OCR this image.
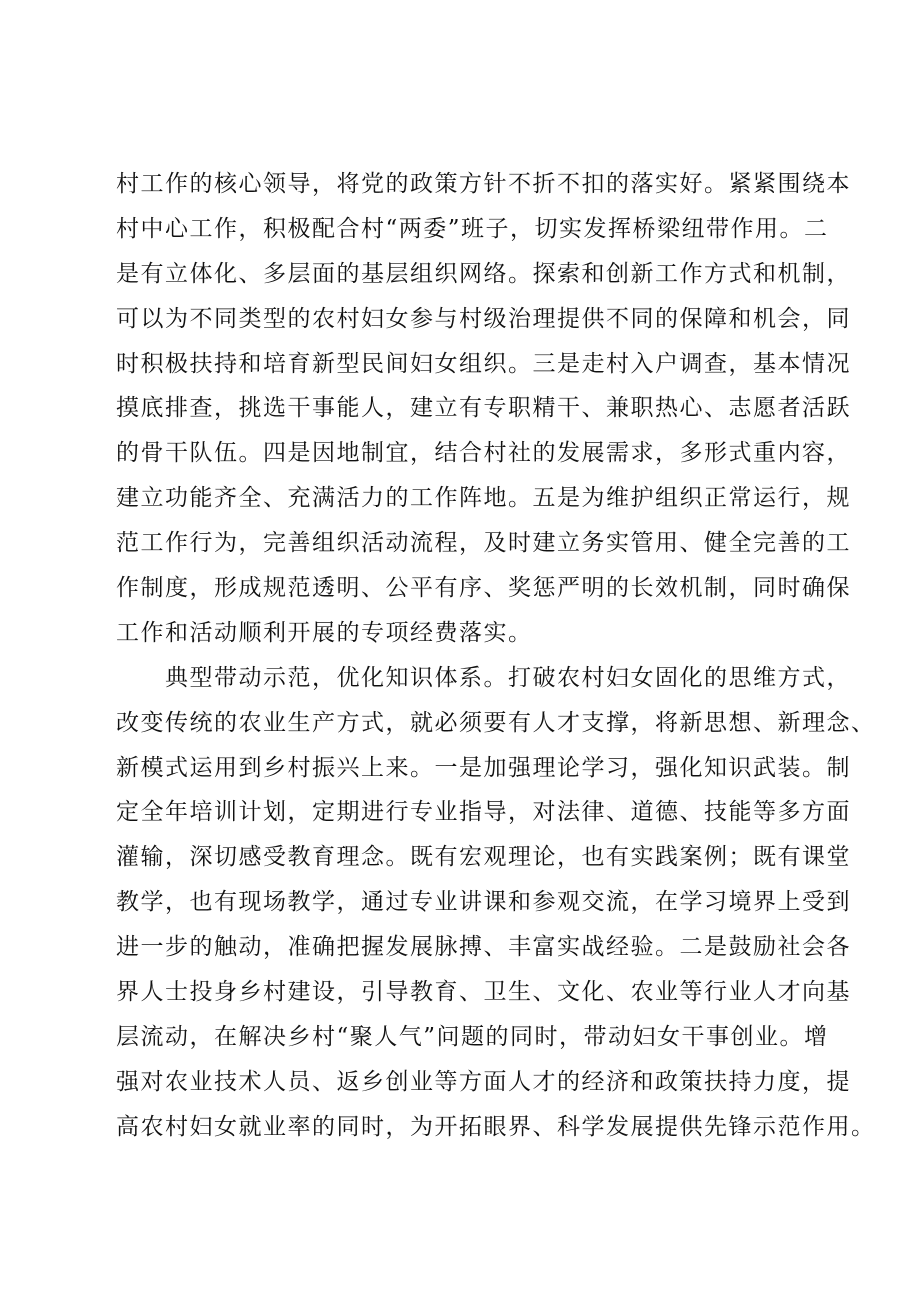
村工作的核心领导，将党的政策方针不折不扣的落实好。紧紧围绕本
村中心工作，积极配合村“两委”班子，切实发挥桥梁纽带作用。二
是有立体化、多层面的基层组织网络。探索和创新工作方式和机制，
可以为不同类型的农村妇女参与村级治理提供不同的保障和机会，同
时积极扶持和培育新型民间妇女组织。三是走村入户调查，基本情况
摸底排查，挑选干事能人，建立有专职精干、兼职热心、志愿者活跃
的骨干队伍。四是因地制宜，结合村社的发展需求，多形式重内容，
建立功能齐全、充满活力的工作阵地。五是为维护组织正常运行，规
范工作行为，完善组织活动流程，及时建立务实管用、健全完善的工
作制度，形成规范透明、公平有序、奖惩严明的长效机制，同时确保
工作和活动顺利开展的专项经费落实。
　　典型带动示范，优化知识体系。打破农村妇女固化的思维方式，
改变传统的农业生产方式，就必须要有人才支撑，将新思想、新理念、
新模式运用到乡村振兴上来。一是加强理论学习，强化知识武装。制
定全年培训计划，定期进行专业指导，对法律、道德、技能等多方面
灌输，深切感受教育理念。既有宏观理论，也有实践案例；既有课堂
教学，也有现场教学，通过专业讲课和参观交流，在学习境界上受到
进一步的触动，准确把握发展脉搏、丰富实战经验。二是鼓励社会各
界人士投身乡村建设，引导教育、卫生、文化、农业等行业人才向基
层流动，在解决乡村“聚人气”问题的同时，带动妇女干事创业。增
强对农业技术人员、返乡创业等方面人才的经济和政策扶持力度，提
高农村妇女就业率的同时，为开拓眼界、科学发展提供先锋示范作用。
